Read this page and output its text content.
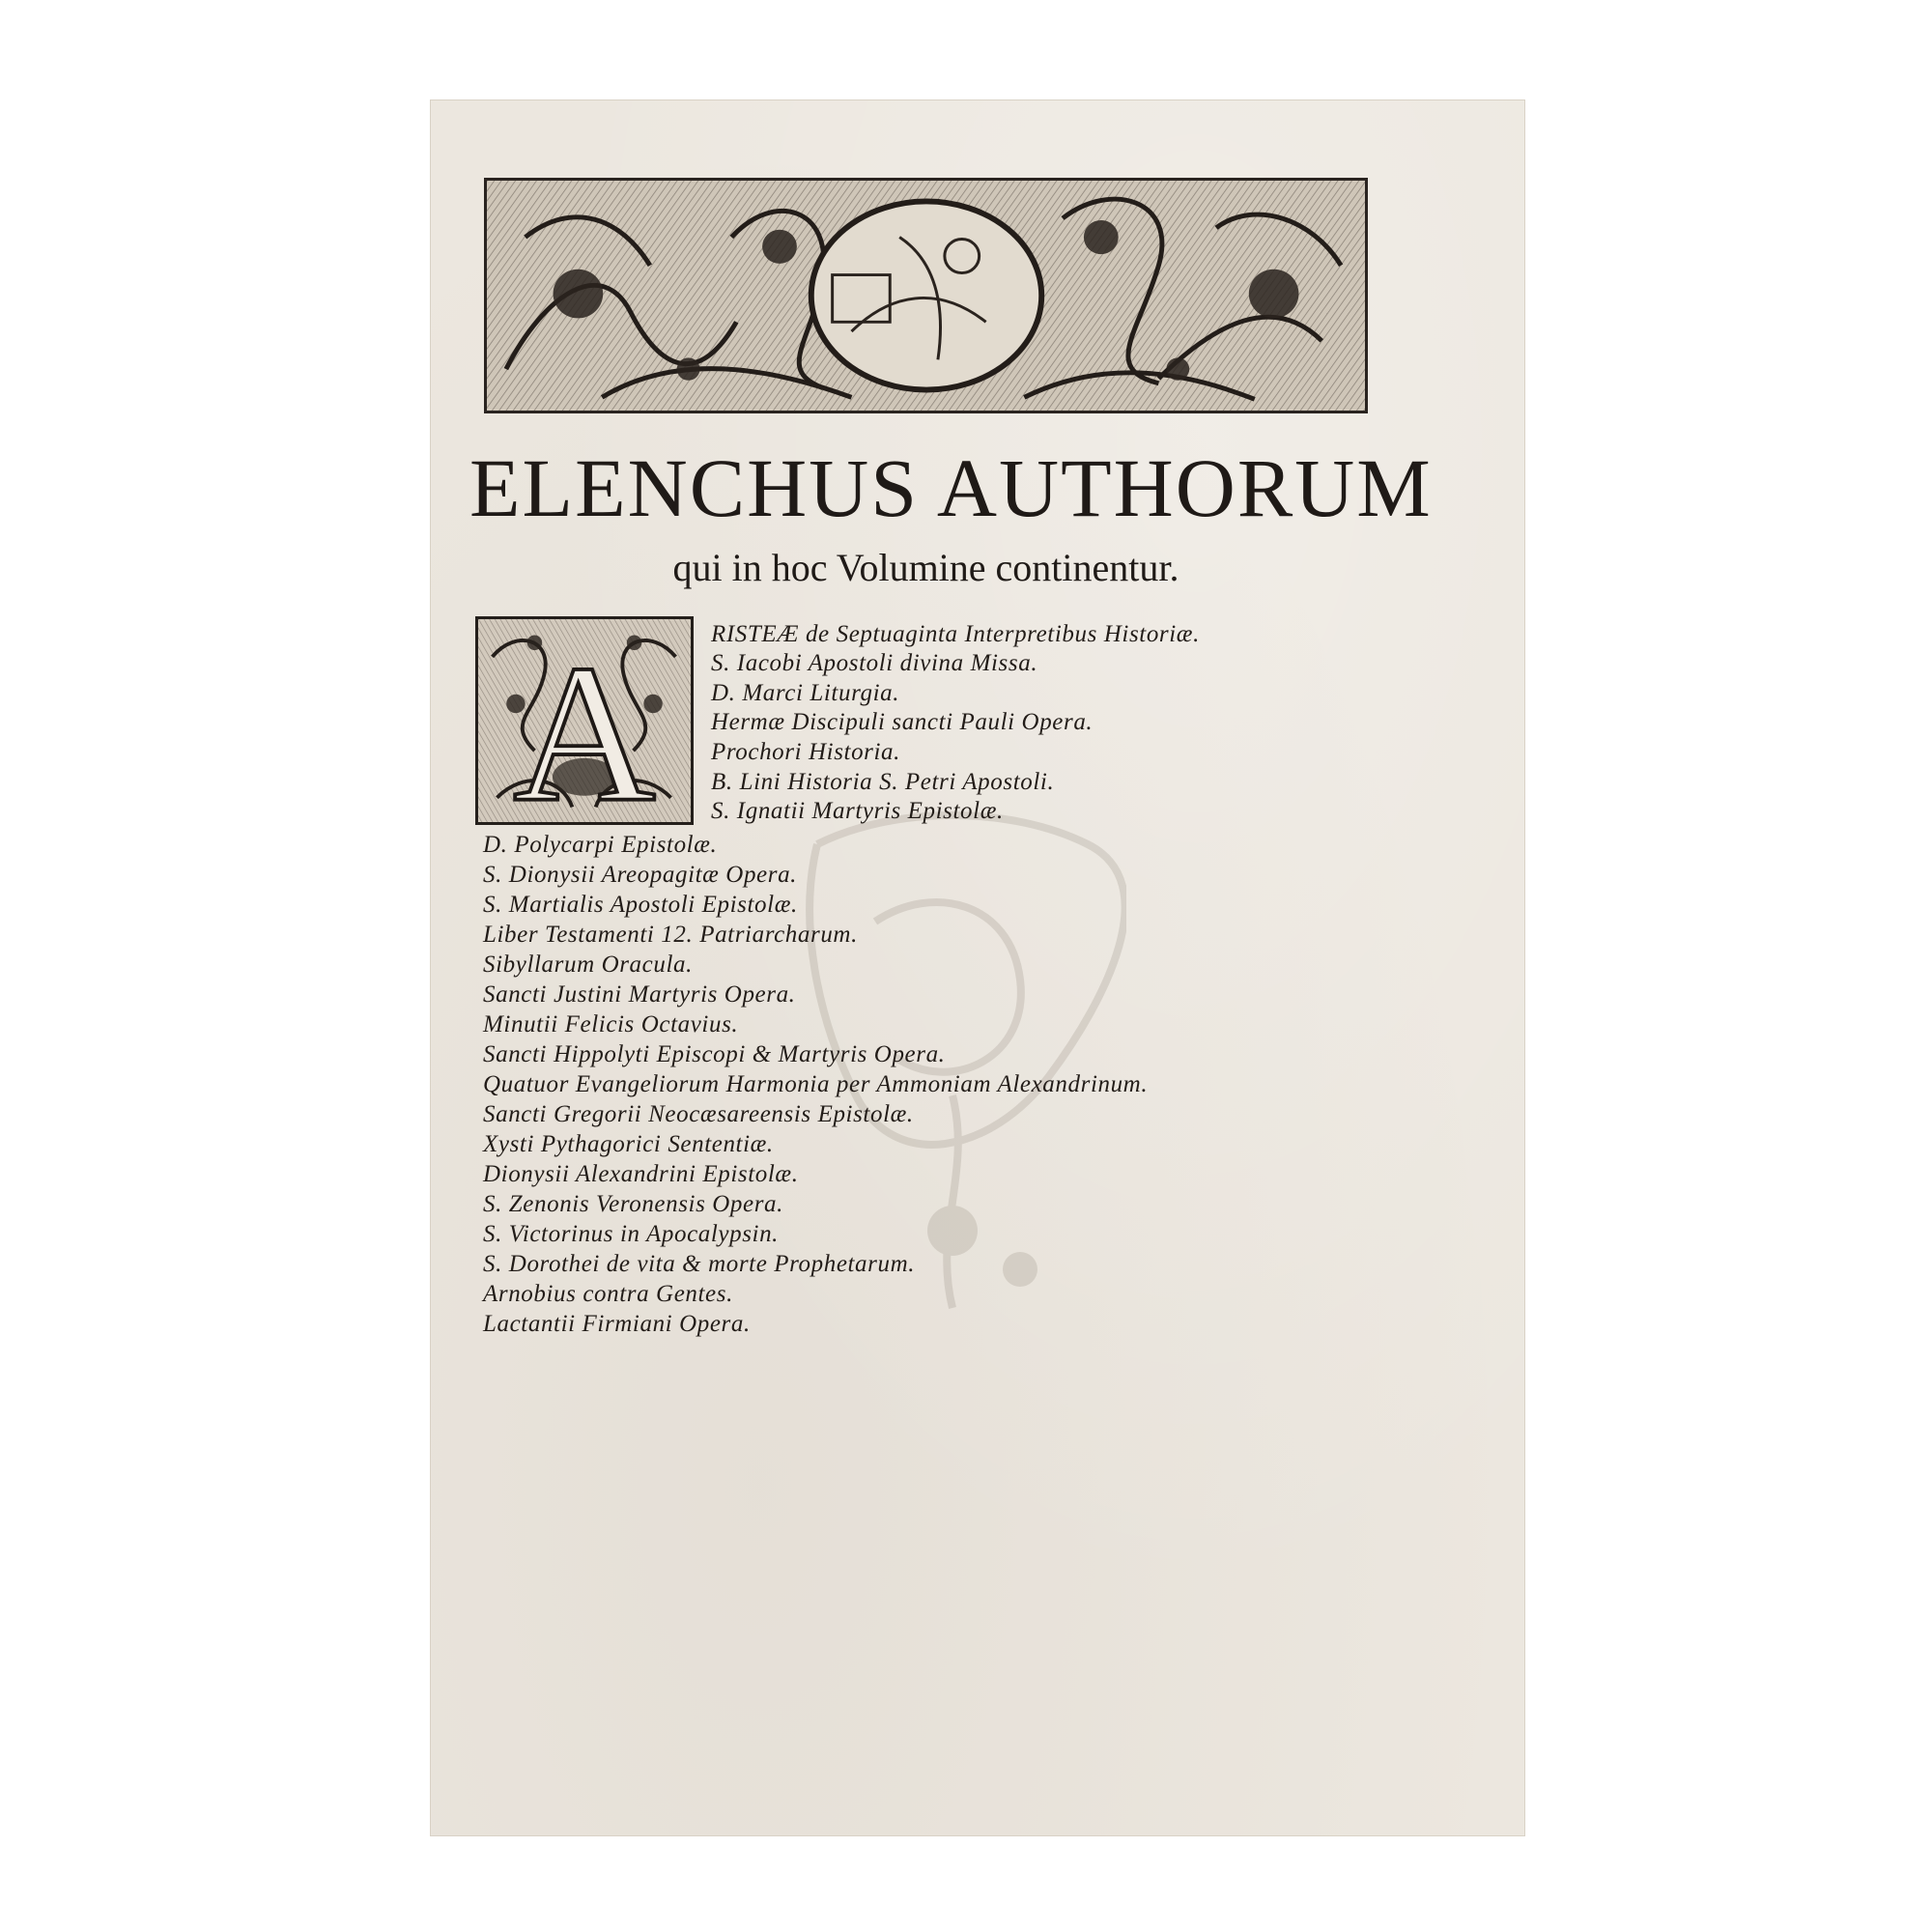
ELENCHUS AUTHORUM
qui in hoc Volumine continentur.
A RISTEÆ de Septuaginta Interpretibus Historiæ.
S. Iacobi Apostoli divina Missa.
D. Marci Liturgia.
Hermæ Discipuli sancti Pauli Opera.
Prochori Historia.
B. Lini Historia S. Petri Apostoli.
S. Ignatii Martyris Epistolæ.
D. Polycarpi Epistolæ.
S. Dionysii Areopagitæ Opera.
S. Martialis Apostoli Epistolæ.
Liber Testamenti 12. Patriarcharum.
Sibyllarum Oracula.
Sancti Justini Martyris Opera.
Minutii Felicis Octavius.
Sancti Hippolyti Episcopi & Martyris Opera.
Quatuor Evangeliorum Harmonia per Ammoniam Alexandrinum.
Sancti Gregorii Neocæsareensis Epistolæ.
Xysti Pythagorici Sententiæ.
Dionysii Alexandrini Epistolæ.
S. Zenonis Veronensis Opera.
S. Victorinus in Apocalypsin.
S. Dorothei de vita & morte Prophetarum.
Arnobius contra Gentes.
Lactantii Firmiani Opera.
